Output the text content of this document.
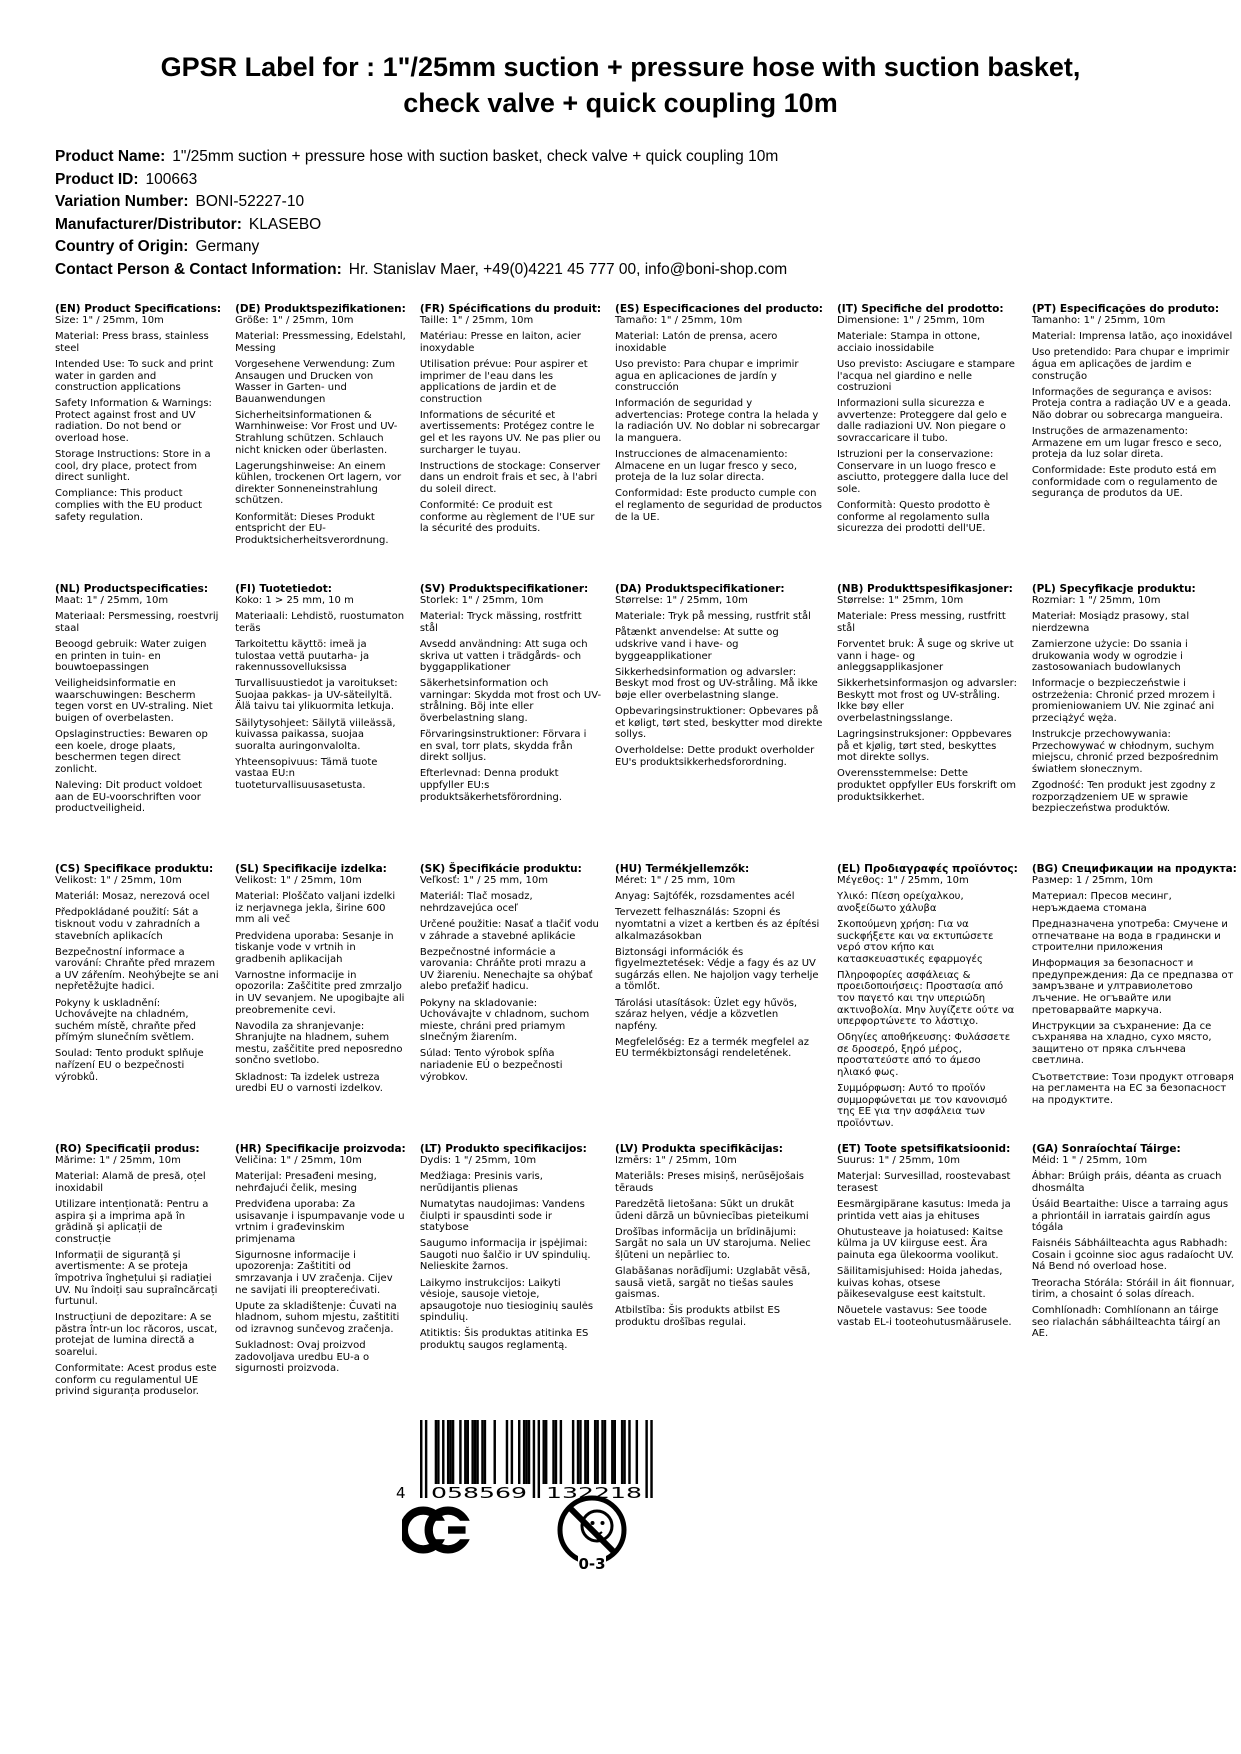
GPSR Label for : 1"/25mm suction + pressure hose with suction basket, check valve + quick coupling 10m
Product Name: 1"/25mm suction + pressure hose with suction basket, check valve + quick coupling 10m
Product ID: 100663
Variation Number: BONI-52227-10
Manufacturer/Distributor: KLASEBO
Country of Origin: Germany
Contact Person & Contact Information: Hr. Stanislav Maer, +49(0)4221 45 777 00, info@boni-shop.com
(EN) Product Specifications:

Size: 1" / 25mm, 10m

Material: Press brass, stainless steel

Intended Use: To suck and print water in garden and construction applications

Safety Information & Warnings: Protect against frost and UV radiation. Do not bend or overload hose.

Storage Instructions: Store in a cool, dry place, protect from direct sunlight.

Compliance: This product complies with the EU product safety regulation.

(DE) Produktspezifikationen:

Größe: 1" / 25mm, 10m

Material: Pressmessing, Edelstahl, Messing

Vorgesehene Verwendung: Zum Ansaugen und Drucken von Wasser in Garten- und Bauanwendungen

Sicherheitsinformationen & Warnhinweise: Vor Frost und UV-Strahlung schützen. Schlauch nicht knicken oder überlasten.

Lagerungshinweise: An einem kühlen, trockenen Ort lagern, vor direkter Sonneneinstrahlung schützen.

Konformität: Dieses Produkt entspricht der EU-Produktsicherheitsverordnung.

(FR) Spécifications du produit:

Taille: 1" / 25mm, 10m

Matériau: Presse en laiton, acier inoxydable

Utilisation prévue: Pour aspirer et imprimer de l'eau dans les applications de jardin et de construction

Informations de sécurité et avertissements: Protégez contre le gel et les rayons UV. Ne pas plier ou surcharger le tuyau.

Instructions de stockage: Conserver dans un endroit frais et sec, à l'abri du soleil direct.

Conformité: Ce produit est conforme au règlement de l'UE sur la sécurité des produits.

(ES) Especificaciones del producto:

Tamaño: 1" / 25mm, 10m

Material: Latón de prensa, acero inoxidable

Uso previsto: Para chupar e imprimir agua en aplicaciones de jardín y construcción

Información de seguridad y advertencias: Protege contra la helada y la radiación UV. No doblar ni sobrecargar la manguera.

Instrucciones de almacenamiento: Almacene en un lugar fresco y seco, proteja de la luz solar directa.

Conformidad: Este producto cumple con el reglamento de seguridad de productos de la UE.

(IT) Specifiche del prodotto:

Dimensione: 1" / 25mm, 10m

Materiale: Stampa in ottone, acciaio inossidabile

Uso previsto: Asciugare e stampare l'acqua nel giardino e nelle costruzioni

Informazioni sulla sicurezza e avvertenze: Proteggere dal gelo e dalle radiazioni UV. Non piegare o sovraccaricare il tubo.

Istruzioni per la conservazione: Conservare in un luogo fresco e asciutto, proteggere dalla luce del sole.

Conformità: Questo prodotto è conforme al regolamento sulla sicurezza dei prodotti dell'UE.

(PT) Especificações do produto:

Tamanho: 1" / 25mm, 10m

Material: Imprensa latão, aço inoxidável

Uso pretendido: Para chupar e imprimir água em aplicações de jardim e construção

Informações de segurança e avisos: Proteja contra a radiação UV e a geada. Não dobrar ou sobrecarga mangueira.

Instruções de armazenamento: Armazene em um lugar fresco e seco, proteja da luz solar direta.

Conformidade: Este produto está em conformidade com o regulamento de segurança de produtos da UE.

(NL) Productspecificaties:

Maat: 1" / 25mm, 10m

Materiaal: Persmessing, roestvrij staal

Beoogd gebruik: Water zuigen en printen in tuin- en bouwtoepassingen

Veiligheidsinformatie en waarschuwingen: Bescherm tegen vorst en UV-straling. Niet buigen of overbelasten.

Opslaginstructies: Bewaren op een koele, droge plaats, beschermen tegen direct zonlicht.

Naleving: Dit product voldoet aan de EU-voorschriften voor productveiligheid.

(FI) Tuotetiedot:

Koko: 1 > 25 mm, 10 m

Materiaali: Lehdistö, ruostumaton teräs

Tarkoitettu käyttö: imeä ja tulostaa vettä puutarha- ja rakennussovelluksissa

Turvallisuustiedot ja varoitukset: Suojaa pakkas- ja UV-säteilyltä. Älä taivu tai ylikuormita letkuja.

Säilytysohjeet: Säilytä viileässä, kuivassa paikassa, suojaa suoralta auringonvalolta.

Yhteensopivuus: Tämä tuote vastaa EU:n tuoteturvallisuusasetusta.

(SV) Produktspecifikationer:

Storlek: 1" / 25mm, 10m

Material: Tryck mässing, rostfritt stål

Avsedd användning: Att suga och skriva ut vatten i trädgårds- och byggapplikationer

Säkerhetsinformation och varningar: Skydda mot frost och UV-strålning. Böj inte eller överbelastning slang.

Förvaringsinstruktioner: Förvara i en sval, torr plats, skydda från direkt solljus.

Efterlevnad: Denna produkt uppfyller EU:s produktsäkerhetsförordning.

(DA) Produktspecifikationer:

Størrelse: 1" / 25mm, 10m

Materiale: Tryk på messing, rustfrit stål

Påtænkt anvendelse: At sutte og udskrive vand i have- og byggeapplikationer

Sikkerhedsinformation og advarsler: Beskyt mod frost og UV-stråling. Må ikke bøje eller overbelastning slange.

Opbevaringsinstruktioner: Opbevares på et køligt, tørt sted, beskytter mod direkte sollys.

Overholdelse: Dette produkt overholder EU's produktsikkerhedsforordning.

(NB) Produkttspesifikasjoner:

Størrelse: 1" 25mm, 10m

Materiale: Press messing, rustfritt stål

Forventet bruk: Å suge og skrive ut vann i hage- og anleggsapplikasjoner

Sikkerhetsinformasjon og advarsler: Beskytt mot frost og UV-stråling. Ikke bøy eller overbelastningsslange.

Lagringsinstruksjoner: Oppbevares på et kjølig, tørt sted, beskyttes mot direkte sollys.

Overensstemmelse: Dette produktet oppfyller EUs forskrift om produktsikkerhet.

(PL) Specyfikacje produktu:

Rozmiar: 1 "/ 25mm, 10m

Materiał: Mosiądz prasowy, stal nierdzewna

Zamierzone użycie: Do ssania i drukowania wody w ogrodzie i zastosowaniach budowlanych

Informacje o bezpieczeństwie i ostrzeżenia: Chronić przed mrozem i promieniowaniem UV. Nie zginać ani przeciążyć węża.

Instrukcje przechowywania: Przechowywać w chłodnym, suchym miejscu, chronić przed bezpośrednim światłem słonecznym.

Zgodność: Ten produkt jest zgodny z rozporządzeniem UE w sprawie bezpieczeństwa produktów.

(CS) Specifikace produktu:

Velikost: 1" / 25mm, 10m

Materiál: Mosaz, nerezová ocel

Předpokládané použití: Sát a tisknout vodu v zahradních a stavebních aplikacích

Bezpečnostní informace a varování: Chraňte před mrazem a UV zářením. Neohýbejte se ani nepřetěžujte hadici.

Pokyny k uskladnění: Uchovávejte na chladném, suchém místě, chraňte před přímým slunečním světlem.

Soulad: Tento produkt splňuje nařízení EU o bezpečnosti výrobků.

(SL) Specifikacije izdelka:

Velikost: 1" / 25mm, 10m

Material: Ploščato valjani izdelki iz nerjavnega jekla, širine 600 mm ali več

Predvidena uporaba: Sesanje in tiskanje vode v vrtnih in gradbenih aplikacijah

Varnostne informacije in opozorila: Zaščitite pred zmrzaljo in UV sevanjem. Ne upogibajte ali preobremenite cevi.

Navodila za shranjevanje: Shranjujte na hladnem, suhem mestu, zaščitite pred neposredno sončno svetlobo.

Skladnost: Ta izdelek ustreza uredbi EU o varnosti izdelkov.

(SK) Špecifikácie produktu:

Veľkosť: 1" / 25 mm, 10m

Materiál: Tlač mosadz, nehrdzavejúca oceľ

Určené použitie: Nasať a tlačiť vodu v záhrade a stavebné aplikácie

Bezpečnostné informácie a varovania: Chráňte proti mrazu a UV žiareniu. Nenechajte sa ohýbať alebo preťažiť hadicu.

Pokyny na skladovanie: Uchovávajte v chladnom, suchom mieste, chráni pred priamym slnečným žiarením.

Súlad: Tento výrobok spĺňa nariadenie EÚ o bezpečnosti výrobkov.

(HU) Termékjellemzők:

Méret: 1" / 25 mm, 10m

Anyag: Sajtófék, rozsdamentes acél

Tervezett felhasználás: Szopni és nyomtatni a vizet a kertben és az építési alkalmazásokban

Biztonsági információk és figyelmeztetések: Védje a fagy és az UV sugárzás ellen. Ne hajoljon vagy terhelje a tömlőt.

Tárolási utasítások: Üzlet egy hűvös, száraz helyen, védje a közvetlen napfény.

Megfelelőség: Ez a termék megfelel az EU termékbiztonsági rendeletének.

(EL) Προδιαγραφές προϊόντος:

Μέγεθος: 1" / 25mm, 10m

Υλικό: Πίεση ορείχαλκου, ανοξείδωτο χάλυβα

Σκοπούμενη χρήση: Για να suckφήξετε και να εκτυπώσετε νερό στον κήπο και κατασκευαστικές εφαρμογές

Πληροφορίες ασφάλειας & προειδοποιήσεις: Προστασία από τον παγετό και την υπεριώδη ακτινοβολία. Μην λυγίζετε ούτε να υπερφορτώνετε το λάστιχο.

Οδηγίες αποθήκευσης: Φυλάσσετε σε δροσερό, ξηρό μέρος, προστατεύστε από το άμεσο ηλιακό φως.

Συμμόρφωση: Αυτό το προϊόν συμμορφώνεται με τον κανονισμό της ΕΕ για την ασφάλεια των προϊόντων.

(BG) Спецификации на продукта:

Размер: 1 / 25mm, 10m

Материал: Пресов месинг, неръждаема стомана

Предназначена употреба: Смучене и отпечатване на вода в градински и строителни приложения

Информация за безопасност и предупреждения: Да се предпазва от замръзване и ултравиолетово лъчение. Не огъвайте или претоварвайте маркуча.

Инструкции за съхранение: Да се съхранява на хладно, сухо място, защитено от пряка слънчева светлина.

Съответствие: Този продукт отговаря на регламента на ЕС за безопасност на продуктите.

(RO) Specificaţii produs:

Mărime: 1" / 25mm, 10m

Material: Alamă de presă, oțel inoxidabil

Utilizare intenționată: Pentru a aspira și a imprima apă în grădină și aplicații de construcție

Informații de siguranță și avertismente: A se proteja împotriva înghețului și radiației UV. Nu îndoiți sau supraîncărcați furtunul.

Instrucțiuni de depozitare: A se păstra într-un loc răcoros, uscat, protejat de lumina directă a soarelui.

Conformitate: Acest produs este conform cu regulamentul UE privind siguranța produselor.

(HR) Specifikacije proizvoda:

Veličina: 1" / 25mm, 10m

Materijal: Presađeni mesing, nehrđajući čelik, mesing

Predviđena uporaba: Za usisavanje i ispumpavanje vode u vrtnim i građevinskim primjenama

Sigurnosne informacije i upozorenja: Zaštititi od smrzavanja i UV zračenja. Cijev ne savijati ili preopterećivati.

Upute za skladištenje: Čuvati na hladnom, suhom mjestu, zaštititi od izravnog sunčevog zračenja.

Sukladnost: Ovaj proizvod zadovoljava uredbu EU-a o sigurnosti proizvoda.

(LT) Produkto specifikacijos:

Dydis: 1 "/ 25mm, 10m

Medžiaga: Presinis varis, nerūdijantis plienas

Numatytas naudojimas: Vandens čiulpti ir spausdinti sode ir statybose

Saugumo informacija ir įspėjimai: Saugoti nuo šalčio ir UV spindulių. Nelieskite žarnos.

Laikymo instrukcijos: Laikyti vėsioje, sausoje vietoje, apsaugotoje nuo tiesioginių saulės spindulių.

Atitiktis: Šis produktas atitinka ES produktų saugos reglamentą.

(LV) Produkta specifikācijas:

Izmērs: 1" / 25mm, 10m

Materiāls: Preses misiņš, nerūsējošais tērauds

Paredzētā lietošana: Sūkt un drukāt ūdeni dārzā un būvniecības pieteikumi

Drošības informācija un brīdinājumi: Sargāt no sala un UV starojuma. Neliec šļūteni un nepārliec to.

Glabāšanas norādījumi: Uzglabāt vēsā, sausā vietā, sargāt no tiešas saules gaismas.

Atbilstība: Šis produkts atbilst ES produktu drošības regulai.

(ET) Toote spetsifikatsioonid:

Suurus: 1" / 25mm, 10m

Materjal: Survesillad, roostevabast terasest

Eesmärgipärane kasutus: Imeda ja printida vett aias ja ehituses

Ohutusteave ja hoiatused: Kaitse külma ja UV kiirguse eest. Ära painuta ega ülekoorma voolikut.

Säilitamisjuhised: Hoida jahedas, kuivas kohas, otsese päikesevalguse eest kaitstult.

Nõuetele vastavus: See toode vastab EL-i tooteohutusmäärusele.

(GA) Sonraíochtaí Táirge:

Méid: 1 " / 25mm, 10m

Ábhar: Brúigh práis, déanta as cruach dhosmálta

Úsáid Beartaithe: Uisce a tarraing agus a phriontáil in iarratais gairdín agus tógála

Faisnéis Sábháilteachta agus Rabhadh: Cosain i gcoinne sioc agus radaíocht UV. Ná Bend nó overload hose.

Treoracha Stórála: Stóráil in áit fionnuar, tirim, a chosaint ó solas díreach.

Comhlíonadh: Comhlíonann an táirge seo rialachán sábháilteachta táirgí an AE.

4 058569 132218
0-3
